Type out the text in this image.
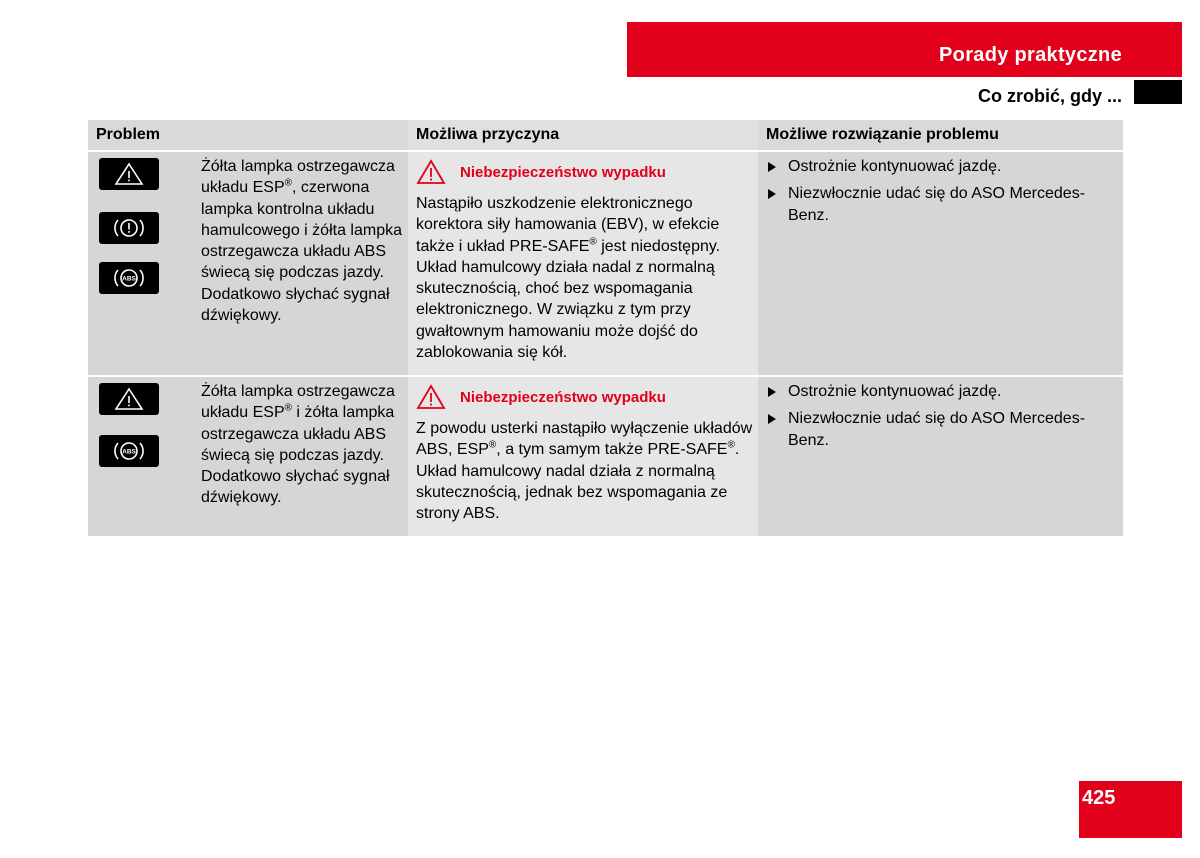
Porady praktyczne
Co zrobić, gdy ...
Problem	Możliwa przyczyna	Możliwe rozwiązanie problemu
ABS
Żółta lampka ostrzegawcza układu ESP®, czerwona lampka kontrolna układu hamulcowego i żółta lampka ostrzegawcza układu ABS świecą się podczas jazdy. Dodatkowo słychać sygnał dźwiękowy.
Niebezpieczeństwo wypadku
Nastąpiło uszkodzenie elektronicznego korektora siły hamowania (EBV), w efekcie także i układ PRE-SAFE® jest niedostępny. Układ hamulcowy działa nadal z normalną skutecznością, choć bez wspomagania elektronicznego. W związku z tym przy gwałtownym hamowaniu może dojść do zablokowania się kół.
Ostrożnie kontynuować jazdę.
Niezwłocznie udać się do ASO Mercedes-Benz.
ABS
Żółta lampka ostrzegawcza układu ESP® i żółta lampka ostrzegawcza układu ABS świecą się podczas jazdy. Dodatkowo słychać sygnał dźwiękowy.
Niebezpieczeństwo wypadku
Z powodu usterki nastąpiło wyłączenie układów ABS, ESP®, a tym samym także PRE-SAFE®. Układ hamulcowy nadal działa z normalną skutecznością, jednak bez wspomagania ze strony ABS.
Ostrożnie kontynuować jazdę.
Niezwłocznie udać się do ASO Mercedes-Benz.
425
